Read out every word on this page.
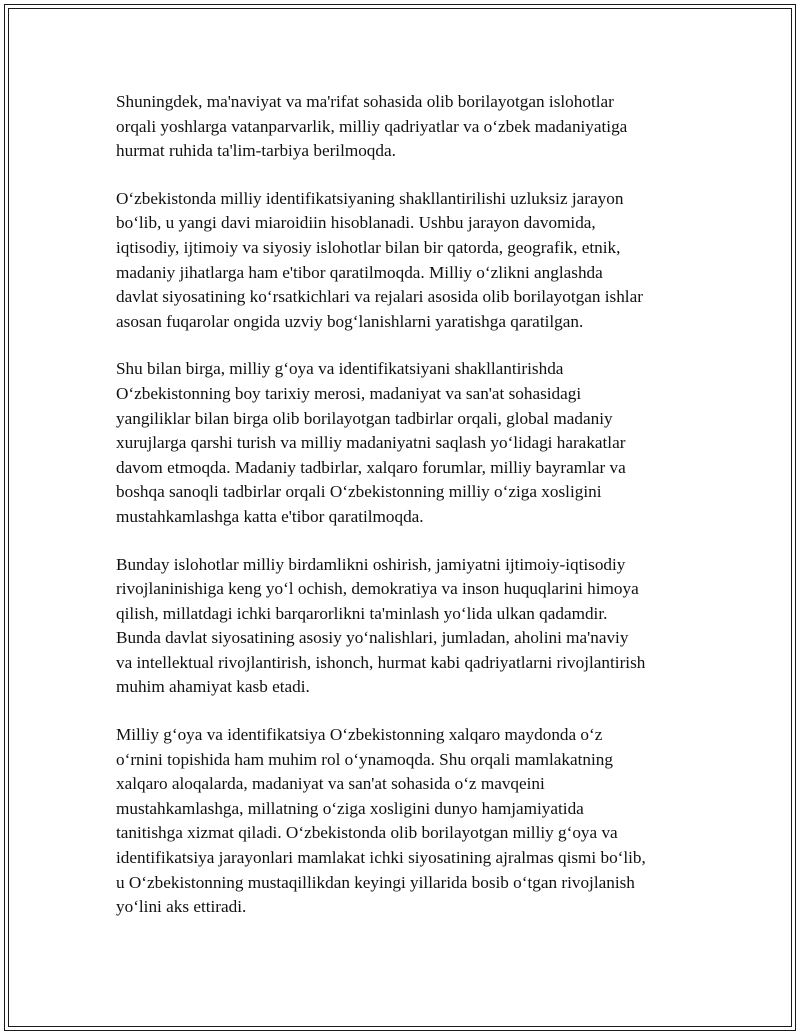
Shuningdek, ma'naviyat va ma'rifat sohasida olib borilayotgan islohotlar
orqali yoshlarga vatanparvarlik, milliy qadriyatlar va oʻzbek madaniyatiga
hurmat ruhida ta'lim-tarbiya berilmoqda.

Oʻzbekistonda milliy identifikatsiyaning shakllantirilishi uzluksiz jarayon
boʻlib, u yangi davi miaroidiin hisoblanadi. Ushbu jarayon davomida,
iqtisodiy, ijtimoiy va siyosiy islohotlar bilan bir qatorda, geografik, etnik,
madaniy jihatlarga ham e'tibor qaratilmoqda. Milliy oʻzlikni anglashda
davlat siyosatining koʻrsatkichlari va rejalari asosida olib borilayotgan ishlar
asosan fuqarolar ongida uzviy bogʻlanishlarni yaratishga qaratilgan.

Shu bilan birga, milliy gʻoya va identifikatsiyani shakllantirishda
Oʻzbekistonning boy tarixiy merosi, madaniyat va san'at sohasidagi
yangiliklar bilan birga olib borilayotgan tadbirlar orqali, global madaniy
xurujlarga qarshi turish va milliy madaniyatni saqlash yoʻlidagi harakatlar
davom etmoqda. Madaniy tadbirlar, xalqaro forumlar, milliy bayramlar va
boshqa sanoqli tadbirlar orqali Oʻzbekistonning milliy oʻziga xosligini
mustahkamlashga katta e'tibor qaratilmoqda.

Bunday islohotlar milliy birdamlikni oshirish, jamiyatni ijtimoiy-iqtisodiy
rivojlaninishiga keng yoʻl ochish, demokratiya va inson huquqlarini himoya
qilish, millatdagi ichki barqarorlikni ta'minlash yoʻlida ulkan qadamdir.
Bunda davlat siyosatining asosiy yoʻnalishlari, jumladan, aholini ma'naviy
va intellektual rivojlantirish, ishonch, hurmat kabi qadriyatlarni rivojlantirish
muhim ahamiyat kasb etadi.

Milliy gʻoya va identifikatsiya Oʻzbekistonning xalqaro maydonda oʻz
oʻrnini topishida ham muhim rol oʻynamoqda. Shu orqali mamlakatning
xalqaro aloqalarda, madaniyat va san'at sohasida oʻz mavqeini
mustahkamlashga, millatning oʻziga xosligini dunyo hamjamiyatida
tanitishga xizmat qiladi. Oʻzbekistonda olib borilayotgan milliy gʻoya va
identifikatsiya jarayonlari mamlakat ichki siyosatining ajralmas qismi boʻlib,
u Oʻzbekistonning mustaqillikdan keyingi yillarida bosib oʻtgan rivojlanish
yoʻlini aks ettiradi.
